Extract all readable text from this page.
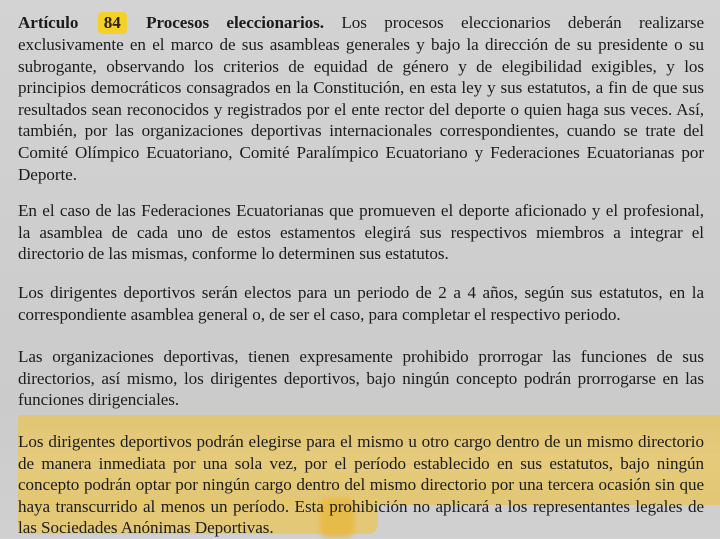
Artículo 84 Procesos eleccionarios. Los procesos eleccionarios deberán realizarse exclusivamente en el marco de sus asambleas generales y bajo la dirección de su presidente o su subrogante, observando los criterios de equidad de género y de elegibilidad exigibles, y los principios democráticos consagrados en la Constitución, en esta ley y sus estatutos, a fin de que sus resultados sean reconocidos y registrados por el ente rector del deporte o quien haga sus veces. Así, también, por las organizaciones deportivas internacionales correspondientes, cuando se trate del Comité Olímpico Ecuatoriano, Comité Paralímpico Ecuatoriano y Federaciones Ecuatorianas por Deporte.

En el caso de las Federaciones Ecuatorianas que promueven el deporte aficionado y el profesional, la asamblea de cada uno de estos estamentos elegirá sus respectivos miembros a integrar el directorio de las mismas, conforme lo determinen sus estatutos.

Los dirigentes deportivos serán electos para un periodo de 2 a 4 años, según sus estatutos, en la correspondiente asamblea general o, de ser el caso, para completar el respectivo periodo.

Las organizaciones deportivas, tienen expresamente prohibido prorrogar las funciones de sus directorios, así mismo, los dirigentes deportivos, bajo ningún concepto podrán prorrogarse en las funciones dirigenciales.

Los dirigentes deportivos podrán elegirse para el mismo u otro cargo dentro de un mismo directorio de manera inmediata por una sola vez, por el período establecido en sus estatutos, bajo ningún concepto podrán optar por ningún cargo dentro del mismo directorio por una tercera ocasión sin que haya transcurrido al menos un período. Esta prohibición no aplicará a los representantes legales de las Sociedades Anónimas Deportivas.
